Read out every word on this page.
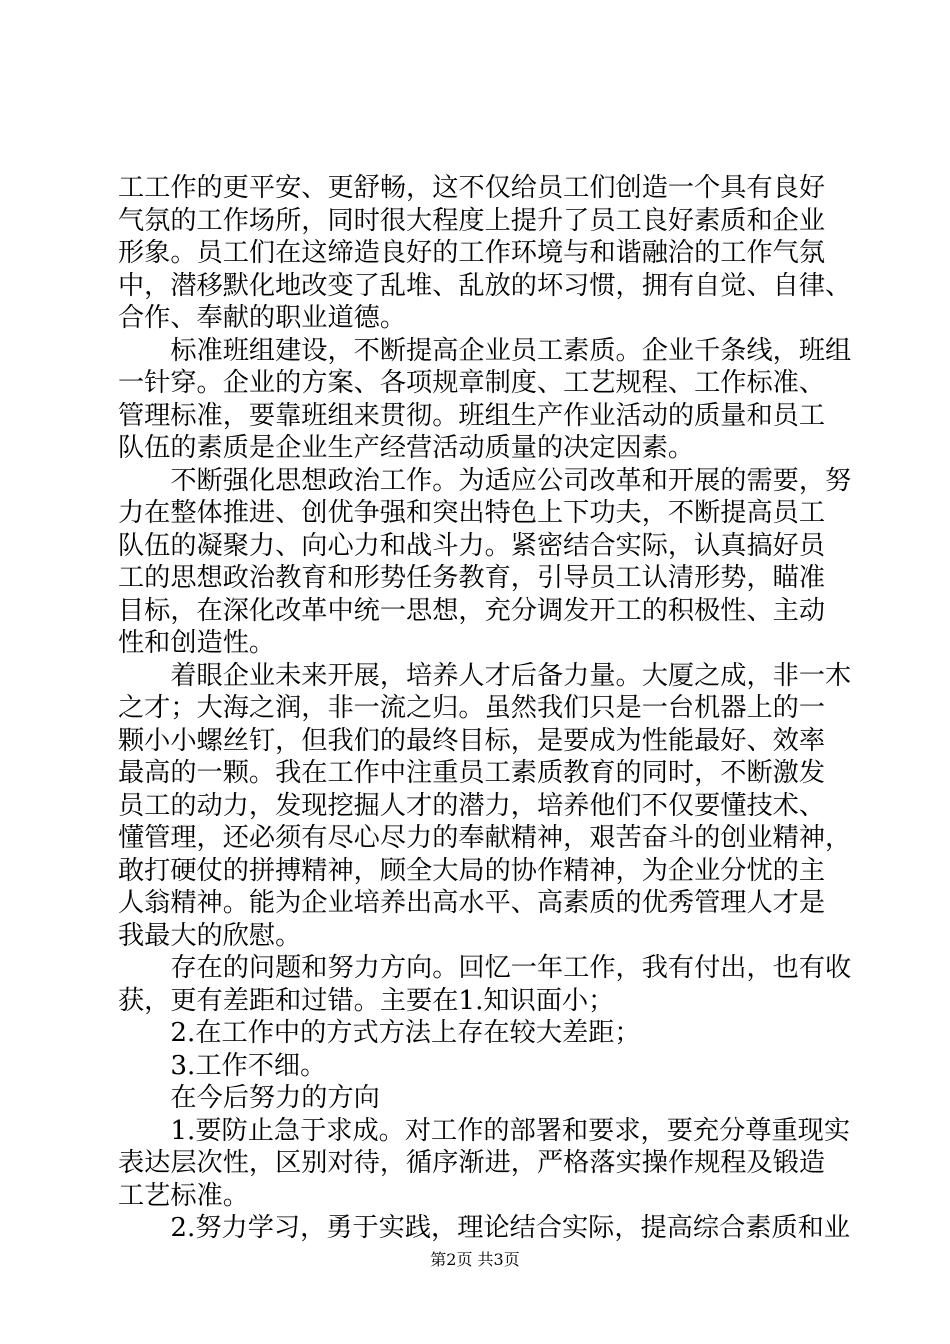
工工作的更平安、更舒畅，这不仅给员工们创造一个具有良好
气氛的工作场所，同时很大程度上提升了员工良好素质和企业
形象。员工们在这缔造良好的工作环境与和谐融洽的工作气氛
中，潜移默化地改变了乱堆、乱放的坏习惯，拥有自觉、自律、
合作、奉献的职业道德。
　　标准班组建设，不断提高企业员工素质。企业千条线，班组
一针穿。企业的方案、各项规章制度、工艺规程、工作标准、
管理标准，要靠班组来贯彻。班组生产作业活动的质量和员工
队伍的素质是企业生产经营活动质量的决定因素。
　　不断强化思想政治工作。为适应公司改革和开展的需要，努
力在整体推进、创优争强和突出特色上下功夫，不断提高员工
队伍的凝聚力、向心力和战斗力。紧密结合实际，认真搞好员
工的思想政治教育和形势任务教育，引导员工认清形势，瞄准
目标，在深化改革中统一思想，充分调发开工的积极性、主动
性和创造性。
　　着眼企业未来开展，培养人才后备力量。大厦之成，非一木
之才；大海之润，非一流之归。虽然我们只是一台机器上的一
颗小小螺丝钉，但我们的最终目标，是要成为性能最好、效率
最高的一颗。我在工作中注重员工素质教育的同时，不断激发
员工的动力，发现挖掘人才的潜力，培养他们不仅要懂技术、
懂管理，还必须有尽心尽力的奉献精神，艰苦奋斗的创业精神，
敢打硬仗的拼搏精神，顾全大局的协作精神，为企业分忧的主
人翁精神。能为企业培养出高水平、高素质的优秀管理人才是
我最大的欣慰。
　　存在的问题和努力方向。回忆一年工作，我有付出，也有收
获，更有差距和过错。主要在1.知识面小；
　　2.在工作中的方式方法上存在较大差距；
　　3.工作不细。
　　在今后努力的方向
　　1.要防止急于求成。对工作的部署和要求，要充分尊重现实
表达层次性，区别对待，循序渐进，严格落实操作规程及锻造
工艺标准。
　　2.努力学习，勇于实践，理论结合实际，提高综合素质和业
第2页 共3页
